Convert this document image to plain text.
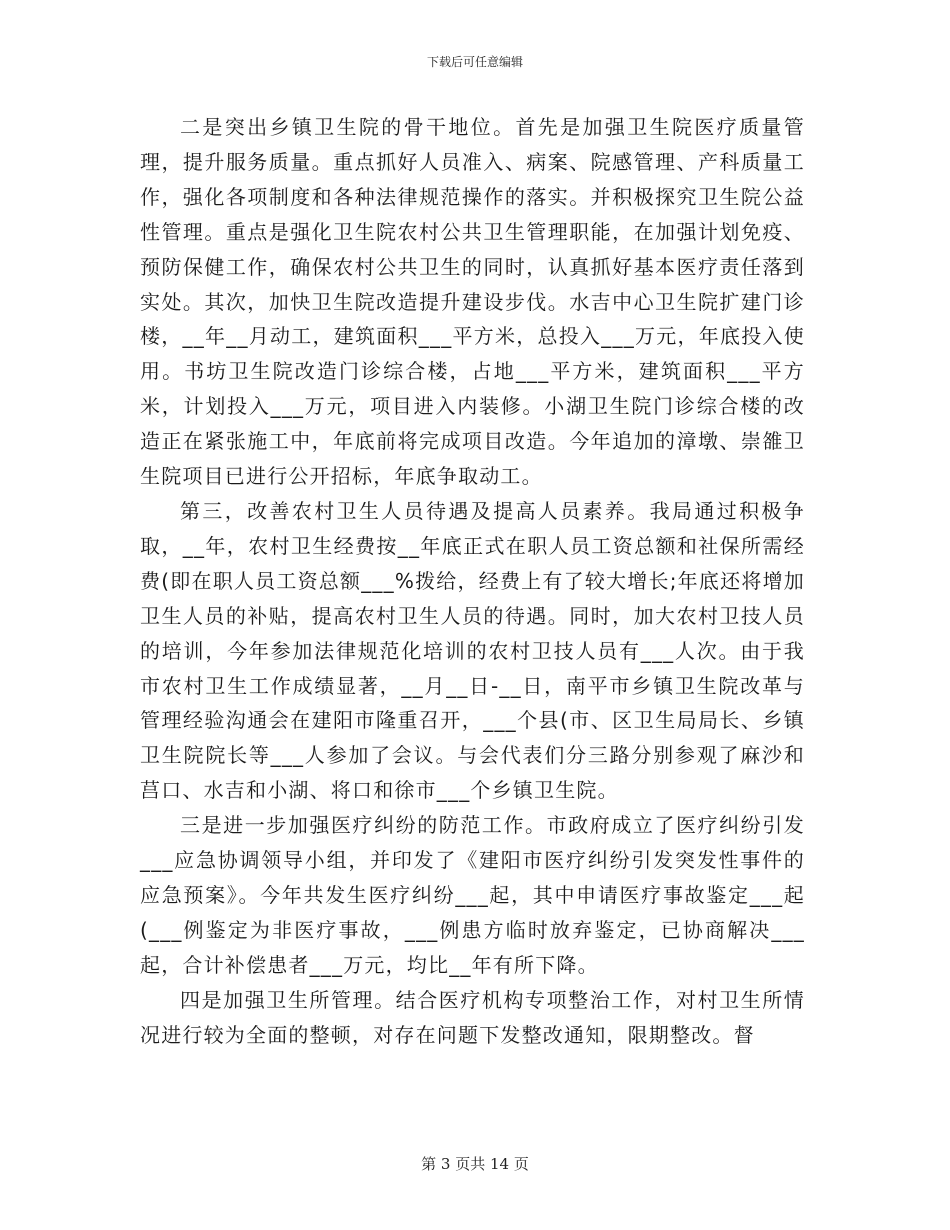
下载后可任意编辑

二是突出乡镇卫生院的骨干地位。首先是加强卫生院医疗质量管理，提升服务质量。重点抓好人员准入、病案、院感管理、产科质量工作，强化各项制度和各种法律规范操作的落实。并积极探究卫生院公益性管理。重点是强化卫生院农村公共卫生管理职能，在加强计划免疫、预防保健工作，确保农村公共卫生的同时，认真抓好基本医疗责任落到实处。其次，加快卫生院改造提升建设步伐。水吉中心卫生院扩建门诊楼，__年__月动工，建筑面积___平方米，总投入___万元，年底投入使用。书坊卫生院改造门诊综合楼，占地___平方米，建筑面积___平方米，计划投入___万元，项目进入内装修。小湖卫生院门诊综合楼的改造正在紧张施工中，年底前将完成项目改造。今年追加的漳墩、崇雒卫生院项目已进行公开招标，年底争取动工。

第三，改善农村卫生人员待遇及提高人员素养。我局通过积极争取，__年，农村卫生经费按__年底正式在职人员工资总额和社保所需经费(即在职人员工资总额___%拨给，经费上有了较大增长;年底还将增加卫生人员的补贴，提高农村卫生人员的待遇。同时，加大农村卫技人员的培训，今年参加法律规范化培训的农村卫技人员有___人次。由于我市农村卫生工作成绩显著，__月__日-__日，南平市乡镇卫生院改革与管理经验沟通会在建阳市隆重召开，___个县(市、区卫生局局长、乡镇卫生院院长等___人参加了会议。与会代表们分三路分别参观了麻沙和莒口、水吉和小湖、将口和徐市___个乡镇卫生院。

三是进一步加强医疗纠纷的防范工作。市政府成立了医疗纠纷引发___应急协调领导小组，并印发了《建阳市医疗纠纷引发突发性事件的应急预案》。今年共发生医疗纠纷___起，其中申请医疗事故鉴定___起(___例鉴定为非医疗事故，___例患方临时放弃鉴定，已协商解决___起，合计补偿患者___万元，均比__年有所下降。

四是加强卫生所管理。结合医疗机构专项整治工作，对村卫生所情况进行较为全面的整顿，对存在问题下发整改通知，限期整改。督

第 3 页共 14 页
